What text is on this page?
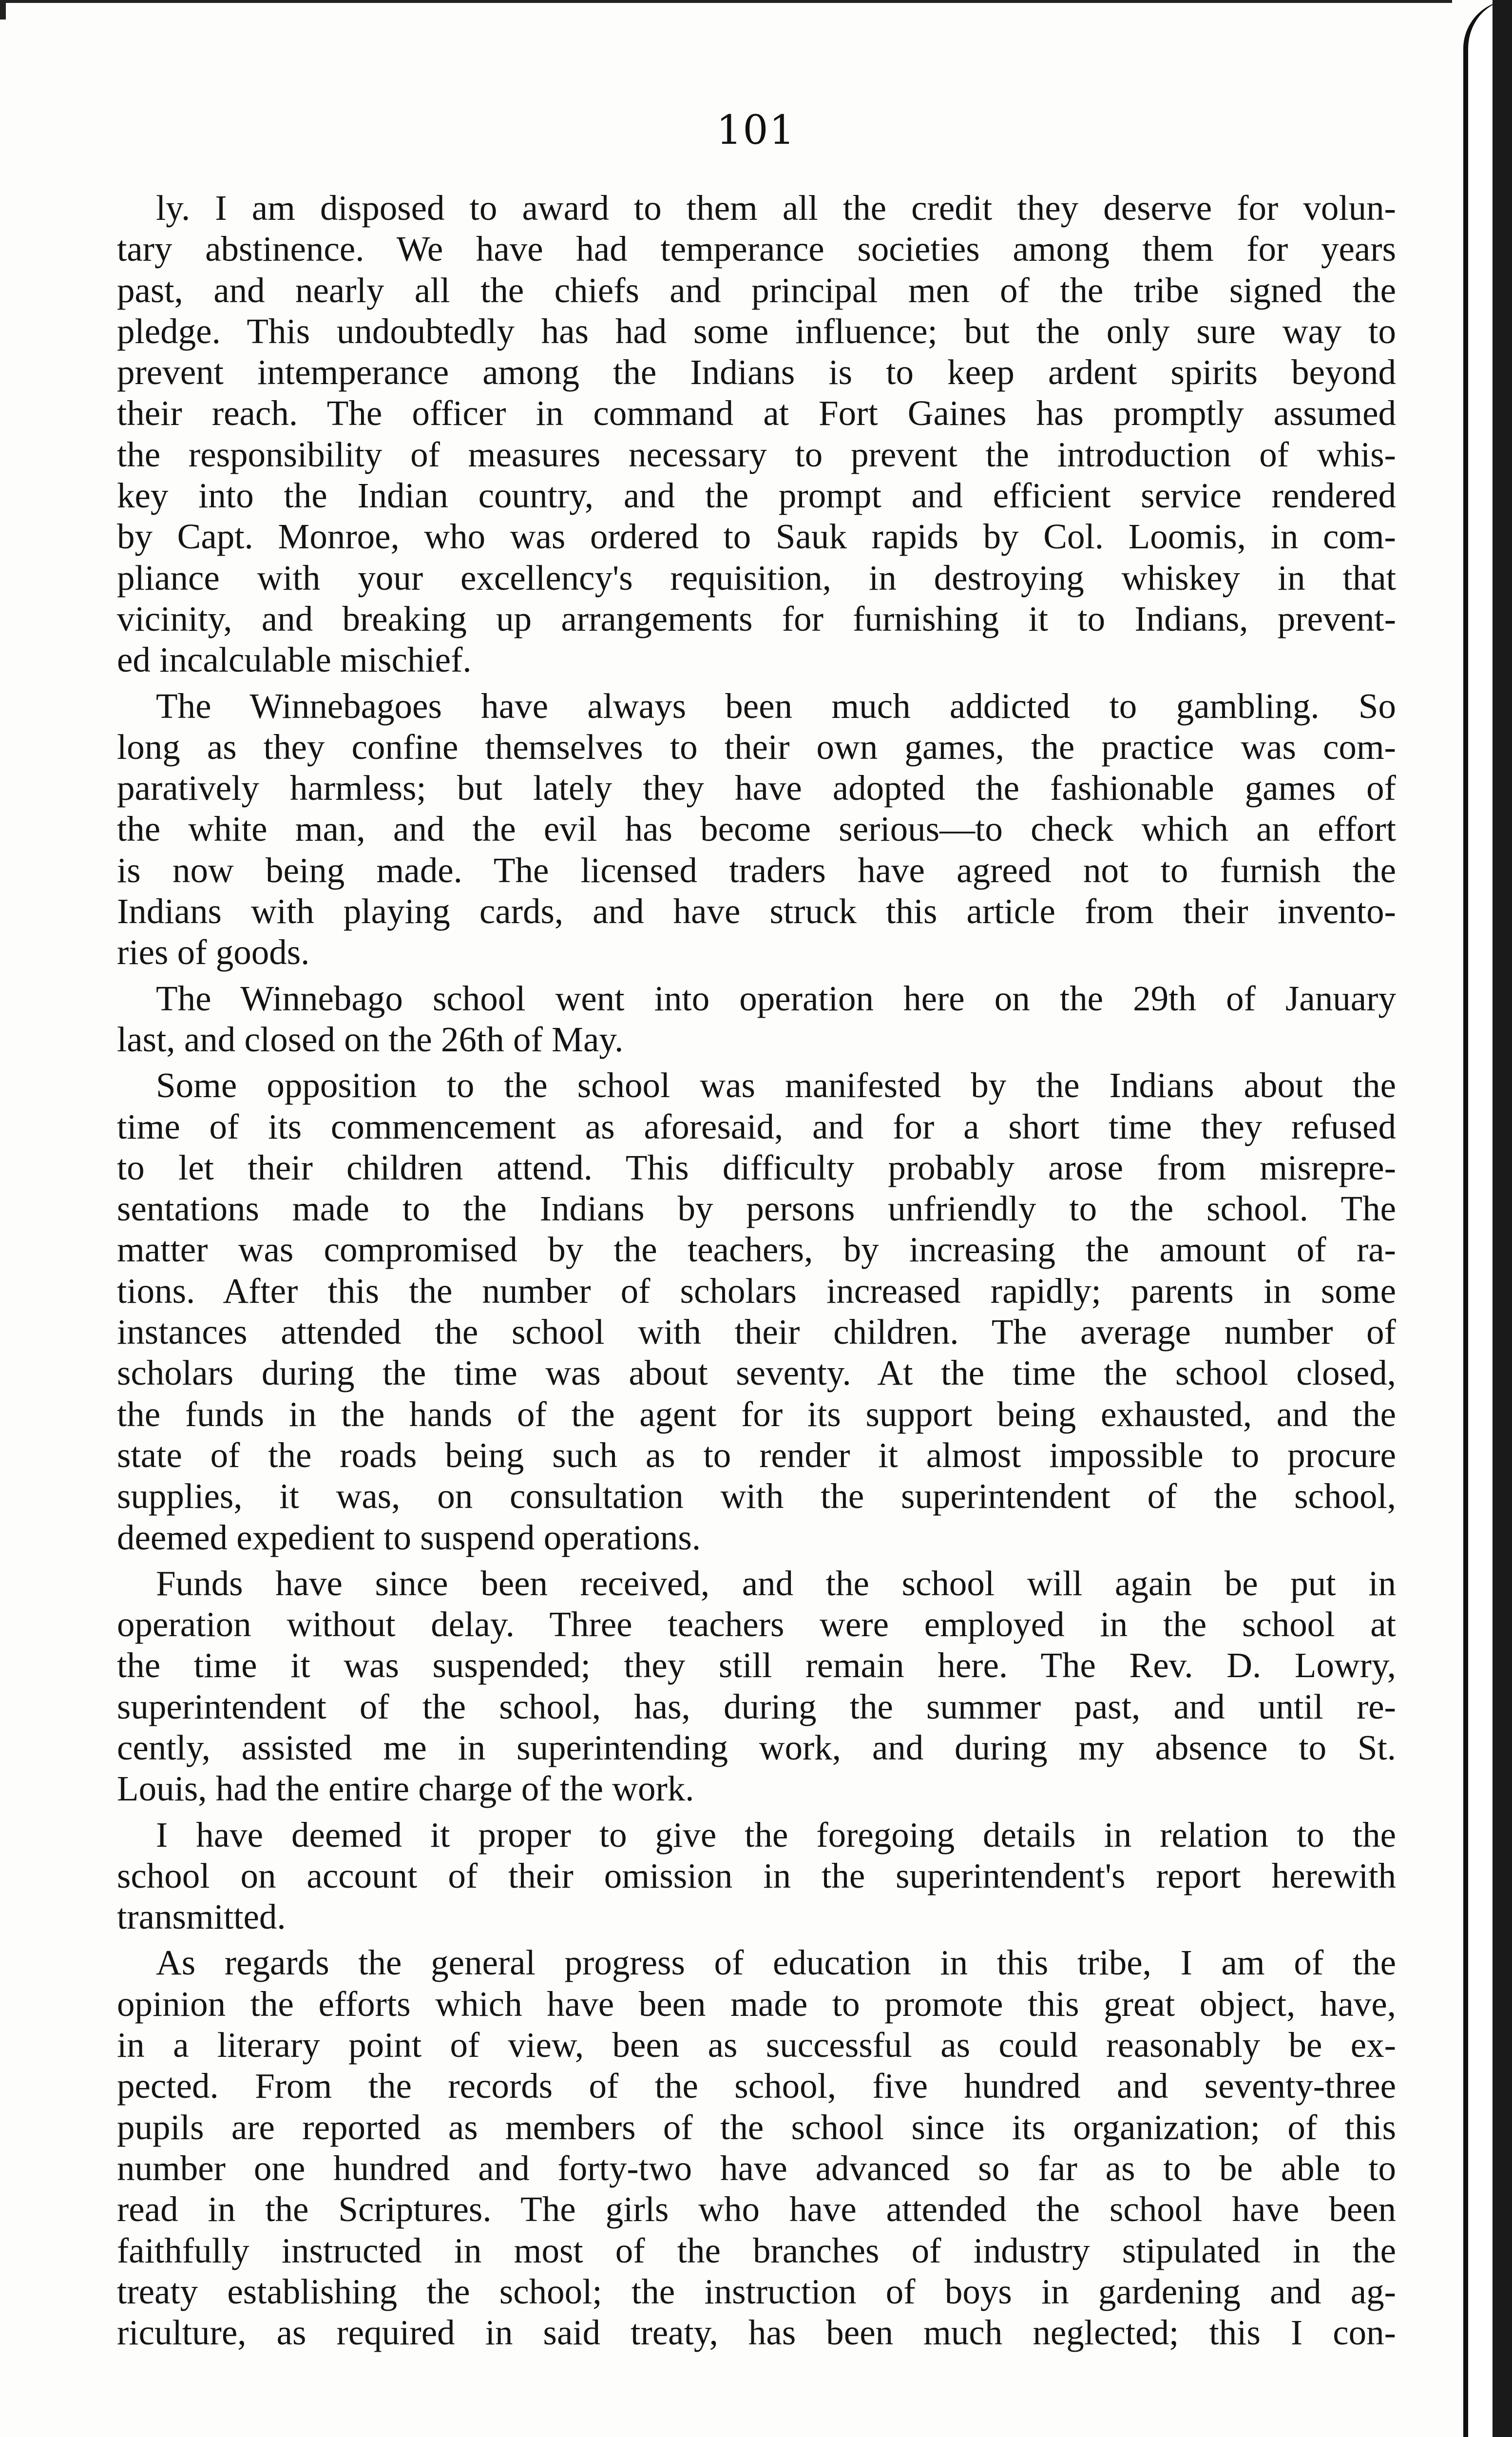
101
ly. I am disposed to award to them all the credit they deserve for volun-
tary abstinence. We have had temperance societies among them for years
past, and nearly all the chiefs and principal men of the tribe signed the
pledge. This undoubtedly has had some influence; but the only sure way to
prevent intemperance among the Indians is to keep ardent spirits beyond
their reach. The officer in command at Fort Gaines has promptly assumed
the responsibility of measures necessary to prevent the introduction of whis-
key into the Indian country, and the prompt and efficient service rendered
by Capt. Monroe, who was ordered to Sauk rapids by Col. Loomis, in com-
pliance with your excellency's requisition, in destroying whiskey in that
vicinity, and breaking up arrangements for furnishing it to Indians, prevent-
ed incalculable mischief.
The Winnebagoes have always been much addicted to gambling. So
long as they confine themselves to their own games, the practice was com-
paratively harmless; but lately they have adopted the fashionable games of
the white man, and the evil has become serious—to check which an effort
is now being made. The licensed traders have agreed not to furnish the
Indians with playing cards, and have struck this article from their invento-
ries of goods.
The Winnebago school went into operation here on the 29th of January
last, and closed on the 26th of May.
Some opposition to the school was manifested by the Indians about the
time of its commencement as aforesaid, and for a short time they refused
to let their children attend. This difficulty probably arose from misrepre-
sentations made to the Indians by persons unfriendly to the school. The
matter was compromised by the teachers, by increasing the amount of ra-
tions. After this the number of scholars increased rapidly; parents in some
instances attended the school with their children. The average number of
scholars during the time was about seventy. At the time the school closed,
the funds in the hands of the agent for its support being exhausted, and the
state of the roads being such as to render it almost impossible to procure
supplies, it was, on consultation with the superintendent of the school,
deemed expedient to suspend operations.
Funds have since been received, and the school will again be put in
operation without delay. Three teachers were employed in the school at
the time it was suspended; they still remain here. The Rev. D. Lowry,
superintendent of the school, has, during the summer past, and until re-
cently, assisted me in superintending work, and during my absence to St.
Louis, had the entire charge of the work.
I have deemed it proper to give the foregoing details in relation to the
school on account of their omission in the superintendent's report herewith
transmitted.
As regards the general progress of education in this tribe, I am of the
opinion the efforts which have been made to promote this great object, have,
in a literary point of view, been as successful as could reasonably be ex-
pected. From the records of the school, five hundred and seventy-three
pupils are reported as members of the school since its organization; of this
number one hundred and forty-two have advanced so far as to be able to
read in the Scriptures. The girls who have attended the school have been
faithfully instructed in most of the branches of industry stipulated in the
treaty establishing the school; the instruction of boys in gardening and ag-
riculture, as required in said treaty, has been much neglected; this I con-
